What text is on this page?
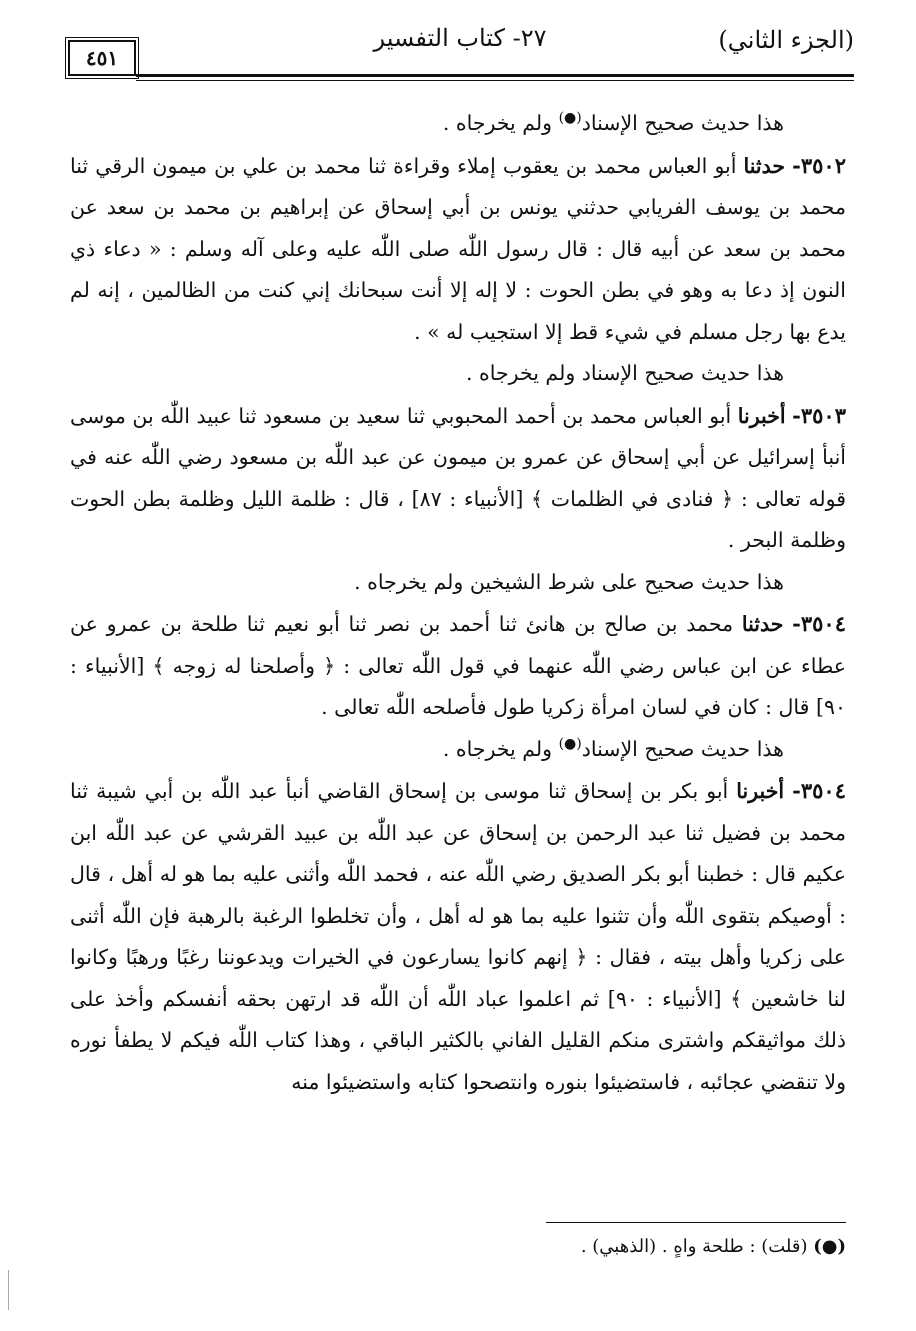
(الجزء الثاني)
٢٧- كتاب التفسير
٤٥١

هذا حديث صحيح الإسناد(●) ولم يخرجاه .

٣٥٠٢- حدثنا أبو العباس محمد بن يعقوب إملاء وقراءة ثنا محمد بن علي بن ميمون الرقي ثنا محمد بن يوسف الفريابي حدثني يونس بن أبي إسحاق عن إبراهيم بن محمد بن سعد عن محمد بن سعد عن أبيه قال : قال رسول اللّٰه صلى اللّٰه عليه وعلى آله وسلم : « دعاء ذي النون إذ دعا به وهو في بطن الحوت : لا إله إلا أنت سبحانك إني كنت من الظالمين ، إنه لم يدع بها رجل مسلم في شيء قط إلا استجيب له » .

هذا حديث صحيح الإسناد ولم يخرجاه .

٣٥٠٣- أخبرنا أبو العباس محمد بن أحمد المحبوبي ثنا سعيد بن مسعود ثنا عبيد اللّٰه بن موسى أنبأ إسرائيل عن أبي إسحاق عن عمرو بن ميمون عن عبد اللّٰه بن مسعود رضي اللّٰه عنه في قوله تعالى : ﴿ فنادى في الظلمات ﴾ [الأنبياء : ٨٧] ، قال : ظلمة الليل وظلمة بطن الحوت وظلمة البحر .

هذا حديث صحيح على شرط الشيخين ولم يخرجاه .

٣٥٠٤- حدثنا محمد بن صالح بن هانئ ثنا أحمد بن نصر ثنا أبو نعيم ثنا طلحة بن عمرو عن عطاء عن ابن عباس رضي اللّٰه عنهما في قول اللّٰه تعالى : ﴿ وأصلحنا له زوجه ﴾ [الأنبياء : ٩٠] قال : كان في لسان امرأة زكريا طول فأصلحه اللّٰه تعالى .

هذا حديث صحيح الإسناد(●) ولم يخرجاه .

٣٥٠٤- أخبرنا أبو بكر بن إسحاق ثنا موسى بن إسحاق القاضي أنبأ عبد اللّٰه بن أبي شيبة ثنا محمد بن فضيل ثنا عبد الرحمن بن إسحاق عن عبد اللّٰه بن عبيد القرشي عن عبد اللّٰه ابن عكيم قال : خطبنا أبو بكر الصديق رضي اللّٰه عنه ، فحمد اللّٰه وأثنى عليه بما هو له أهل ، قال : أوصيكم بتقوى اللّٰه وأن تثنوا عليه بما هو له أهل ، وأن تخلطوا الرغبة بالرهبة فإن اللّٰه أثنى على زكريا وأهل بيته ، فقال : ﴿ إنهم كانوا يسارعون في الخيرات ويدعوننا رغبًا ورهبًا وكانوا لنا خاشعين ﴾ [الأنبياء : ٩٠] ثم اعلموا عباد اللّٰه أن اللّٰه قد ارتهن بحقه أنفسكم وأخذ على ذلك مواثيقكم واشترى منكم القليل الفاني بالكثير الباقي ، وهذا كتاب اللّٰه فيكم لا يطفأ نوره ولا تنقضي عجائبه ، فاستضيئوا بنوره وانتصحوا كتابه واستضيئوا منه

(●) (قلت) : طلحة واهٍ . (الذهبي) .
